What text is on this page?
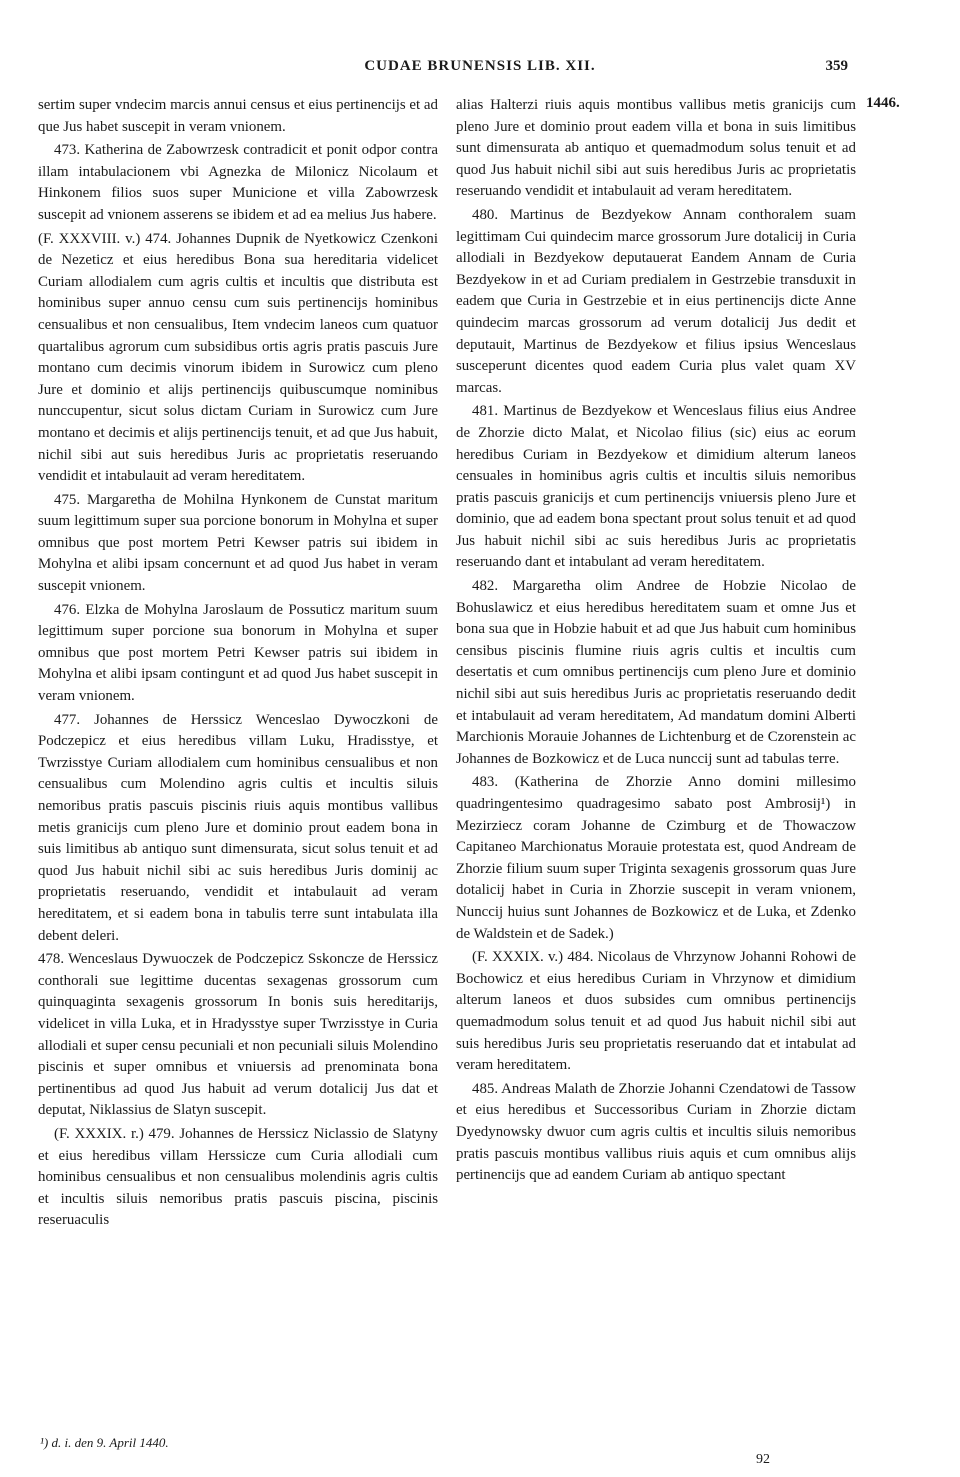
CUDAE BRUNENSIS LIB. XII.	359
1446.

sertim super vndecim marcis annui census et eius pertinencijs et ad que Jus habet suscepit in veram vnionem.

473. Katherina de Zabowrzesk contradicit et ponit odpor contra illam intabulacionem vbi Agnezka de Milonicz Nicolaum et Hinkonem filios suos super Municione et villa Zabowrzesk suscepit ad vnionem asserens se ibidem et ad ea melius Jus habere.

(F. XXXVIII. v.) 474. Johannes Dupnik de Nyetkowicz Czenkoni de Nezeticz et eius heredibus Bona sua hereditaria videlicet Curiam allodialem cum agris cultis et incultis que distributa est hominibus super annuo censu cum suis pertinencijs hominibus censualibus et non censualibus, Item vndecim laneos cum quatuor quartalibus agrorum cum subsidibus ortis agris pratis pascuis Jure montano cum decimis vinorum ibidem in Surowicz cum pleno Jure et dominio et alijs pertinencijs quibuscumque nominibus nunccupentur, sicut solus dictam Curiam in Surowicz cum Jure montano et decimis et alijs pertinencijs tenuit, et ad que Jus habuit, nichil sibi aut suis heredibus Juris ac proprietatis reseruando vendidit et intabulauit ad veram hereditatem.

475. Margaretha de Mohilna Hynkonem de Cunstat maritum suum legittimum super sua porcione bonorum in Mohylna et super omnibus que post mortem Petri Kewser patris sui ibidem in Mohylna et alibi ipsam concernunt et ad quod Jus habet in veram suscepit vnionem.

476. Elzka de Mohylna Jaroslaum de Possuticz maritum suum legittimum super porcione sua bonorum in Mohylna et super omnibus que post mortem Petri Kewser patris sui ibidem in Mohylna et alibi ipsam contingunt et ad quod Jus habet suscepit in veram vnionem.

477. Johannes de Herssicz Wenceslao Dywoczkoni de Podczepicz et eius heredibus villam Luku, Hradisstye, et Twrzisstye Curiam allodialem cum hominibus censualibus et non censualibus cum Molendino agris cultis et incultis siluis nemoribus pratis pascuis piscinis riuis aquis montibus vallibus metis granicijs cum pleno Jure et dominio prout eadem bona in suis limitibus ab antiquo sunt dimensurata, sicut solus tenuit et ad quod Jus habuit nichil sibi ac suis heredibus Juris dominij ac proprietatis reseruando, vendidit et intabulauit ad veram hereditatem, et si eadem bona in tabulis terre sunt intabulata illa debent deleri.

478. Wenceslaus Dywuoczek de Podczepicz Sskoncze de Herssicz conthorali sue legittime ducentas sexagenas grossorum cum quinquaginta sexagenis grossorum In bonis suis hereditarijs, videlicet in villa Luka, et in Hradysstye super Twrzisstye in Curia allodiali et super censu pecuniali et non pecuniali siluis Molendino piscinis et super omnibus et vniuersis ad prenominata bona pertinentibus ad quod Jus habuit ad verum dotalicij Jus dat et deputat, Niklassius de Slatyn suscepit.

(F. XXXIX. r.) 479. Johannes de Herssicz Niclassio de Slatyny et eius heredibus villam Herssicze cum Curia allodiali cum hominibus censualibus et non censualibus molendinis agris cultis et incultis siluis nemoribus pratis pascuis piscina, piscinis reseruaculis

alias Halterzi riuis aquis montibus vallibus metis granicijs cum pleno Jure et dominio prout eadem villa et bona in suis limitibus sunt dimensurata ab antiquo et quemadmodum solus tenuit et ad quod Jus habuit nichil sibi aut suis heredibus Juris ac proprietatis reseruando vendidit et intabulauit ad veram hereditatem.

480. Martinus de Bezdyekow Annam conthoralem suam legittimam Cui quindecim marce grossorum Jure dotalicij in Curia allodiali in Bezdyekow deputauerat Eandem Annam de Curia Bezdyekow in et ad Curiam predialem in Gestrzebie transduxit in eadem que Curia in Gestrzebie et in eius pertinencijs dicte Anne quindecim marcas grossorum ad verum dotalicij Jus dedit et deputauit, Martinus de Bezdyekow et filius ipsius Wenceslaus susceperunt dicentes quod eadem Curia plus valet quam XV marcas.

481. Martinus de Bezdyekow et Wenceslaus filius eius Andree de Zhorzie dicto Malat, et Nicolao filius (sic) eius ac eorum heredibus Curiam in Bezdyekow et dimidium alterum laneos censuales in hominibus agris cultis et incultis siluis nemoribus pratis pascuis granicijs et cum pertinencijs vniuersis pleno Jure et dominio, que ad eadem bona spectant prout solus tenuit et ad quod Jus habuit nichil sibi ac suis heredibus Juris ac proprietatis reseruando dant et intabulant ad veram hereditatem.

482. Margaretha olim Andree de Hobzie Nicolao de Bohuslawicz et eius heredibus hereditatem suam et omne Jus et bona sua que in Hobzie habuit et ad que Jus habuit cum hominibus censibus piscinis flumine riuis agris cultis et incultis cum desertatis et cum omnibus pertinencijs cum pleno Jure et dominio nichil sibi aut suis heredibus Juris ac proprietatis reseruando dedit et intabulauit ad veram hereditatem, Ad mandatum domini Alberti Marchionis Morauie Johannes de Lichtenburg et de Czorenstein ac Johannes de Bozkowicz et de Luca nunccij sunt ad tabulas terre.

483. (Katherina de Zhorzie Anno domini millesimo quadringentesimo quadragesimo sabato post Ambrosij¹) in Mezirziecz coram Johanne de Czimburg et de Thowaczow Capitaneo Marchionatus Morauie protestata est, quod Andream de Zhorzie filium suum super Triginta sexagenis grossorum quas Jure dotalicij habet in Curia in Zhorzie suscepit in veram vnionem, Nunccij huius sunt Johannes de Bozkowicz et de Luka, et Zdenko de Waldstein et de Sadek.)

(F. XXXIX. v.) 484. Nicolaus de Vhrzynow Johanni Rohowi de Bochowicz et eius heredibus Curiam in Vhrzynow et dimidium alterum laneos et duos subsides cum omnibus pertinencijs quemadmodum solus tenuit et ad quod Jus habuit nichil sibi aut suis heredibus Juris seu proprietatis reseruando dat et intabulat ad veram hereditatem.

485. Andreas Malath de Zhorzie Johanni Czendatowi de Tassow et eius heredibus et Successoribus Curiam in Zhorzie dictam Dyedynowsky dwuor cum agris cultis et incultis siluis nemoribus pratis pascuis montibus vallibus riuis aquis et cum omnibus alijs pertinencijs que ad eandem Curiam ab antiquo spectant

¹) d. i. den 9. April 1440.
92
